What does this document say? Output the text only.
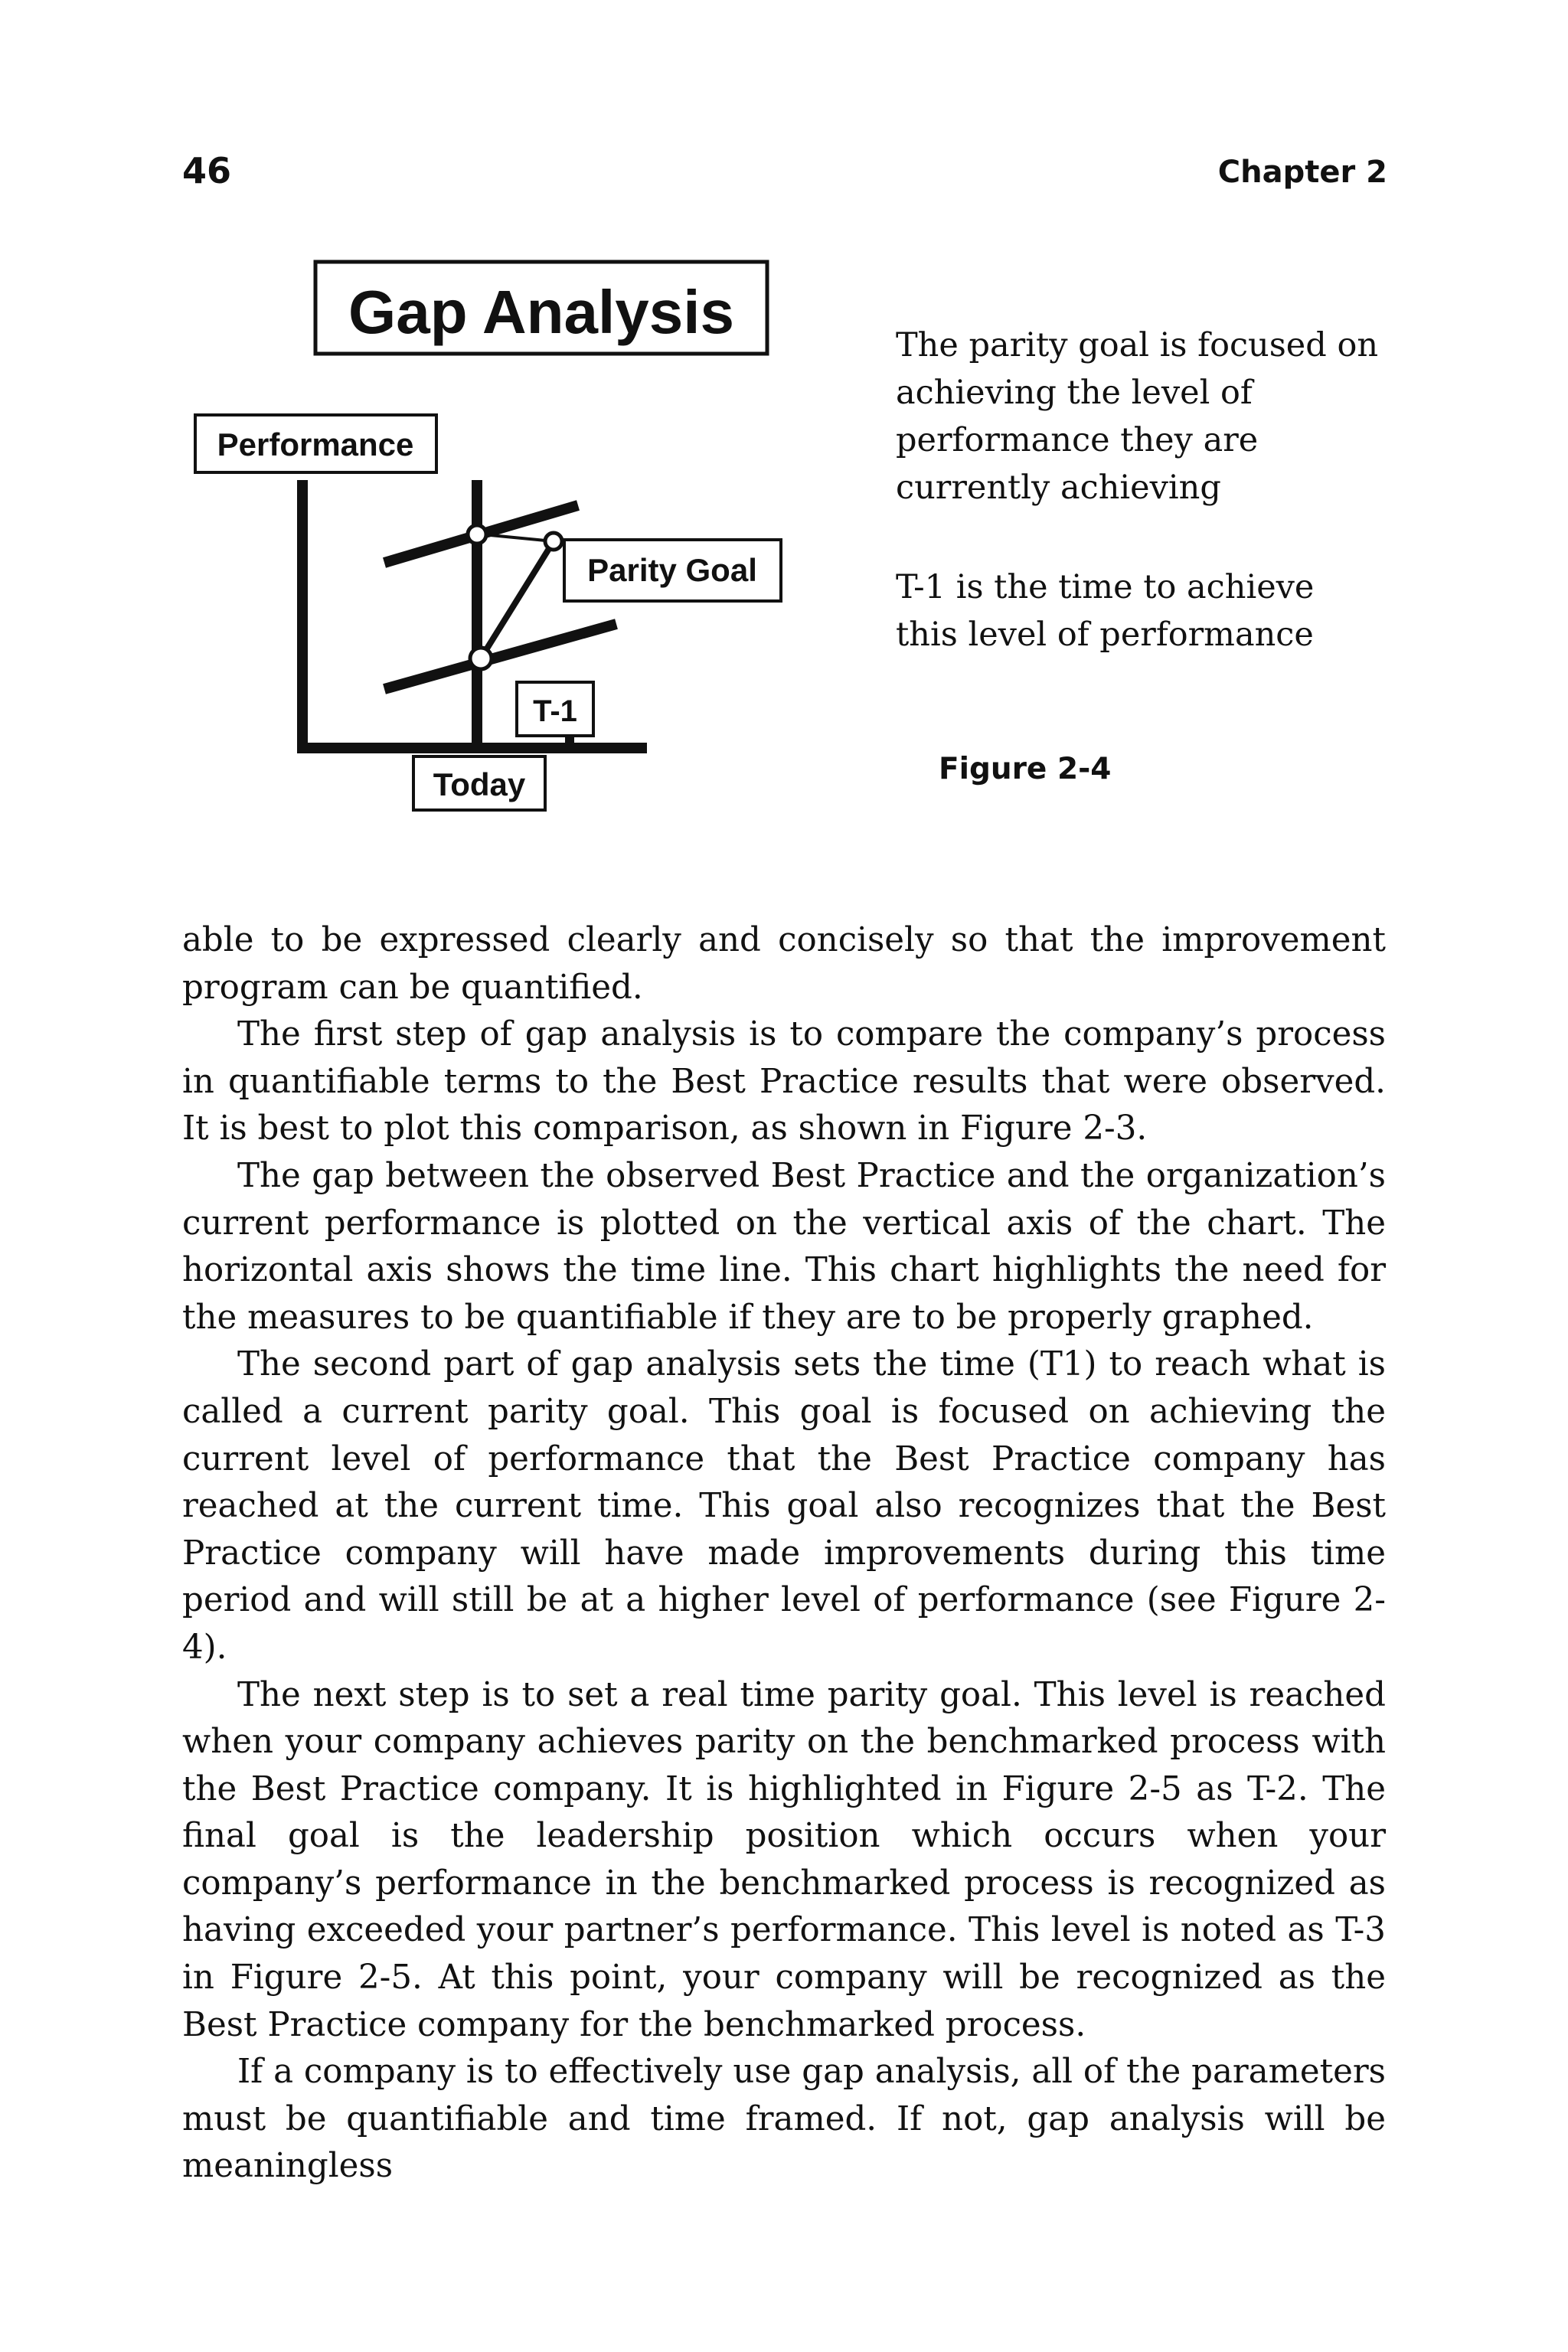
46	Chapter 2
Gap Analysis
Performance
Parity Goal
T-1
Today

The parity goal is focused on achieving the level of performance they are currently achieving

T-1 is the time to achieve this level of performance

Figure 2-4

able to be expressed clearly and concisely so that the improvement program can be quantified.

The first step of gap analysis is to compare the company’s process in quantifiable terms to the Best Practice results that were observed. It is best to plot this comparison, as shown in Figure 2-3.

The gap between the observed Best Practice and the organization’s current performance is plotted on the vertical axis of the chart. The horizontal axis shows the time line. This chart highlights the need for the measures to be quantifiable if they are to be properly graphed.

The second part of gap analysis sets the time (T1) to reach what is called a current parity goal. This goal is focused on achieving the current level of performance that the Best Practice company has reached at the current time. This goal also recognizes that the Best Practice company will have made improvements during this time period and will still be at a higher level of performance (see Figure 2-4).

The next step is to set a real time parity goal. This level is reached when your company achieves parity on the benchmarked process with the Best Practice company. It is highlighted in Figure 2-5 as T-2. The final goal is the leadership position which occurs when your company’s performance in the benchmarked process is recognized as having exceeded your partner’s performance. This level is noted as T-3 in Figure 2-5. At this point, your company will be recognized as the Best Practice company for the benchmarked process.

If a company is to effectively use gap analysis, all of the parameters must be quantifiable and time framed. If not, gap analysis will be meaningless
